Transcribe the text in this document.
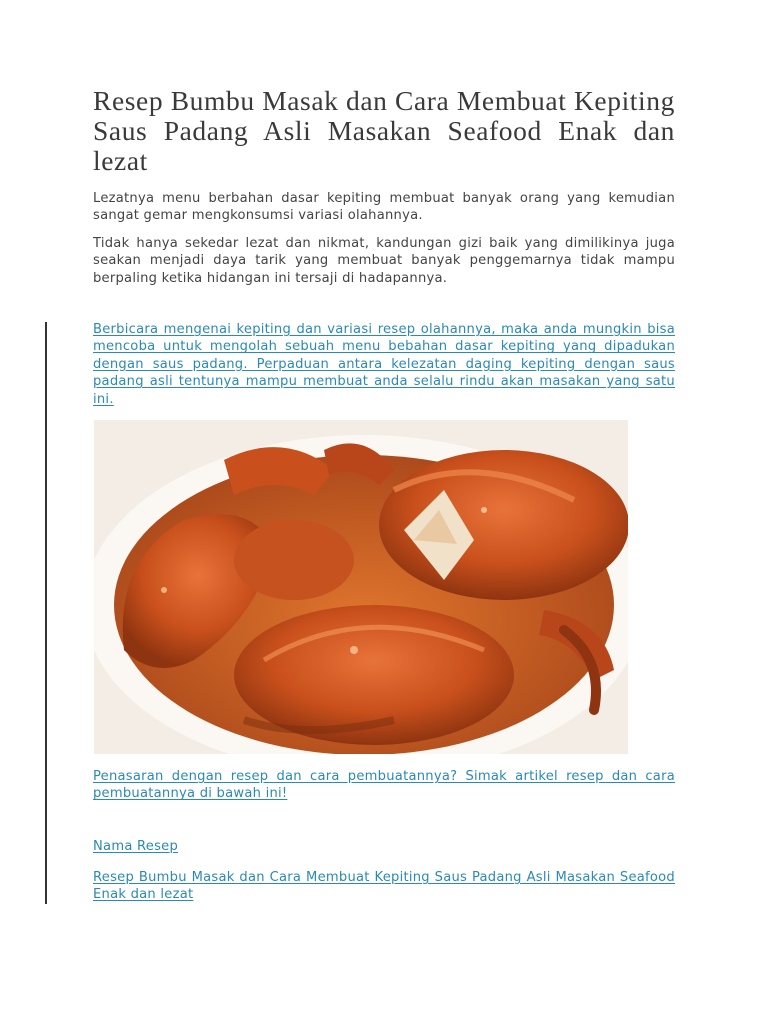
Resep Bumbu Masak dan Cara Membuat Kepiting Saus Padang Asli Masakan Seafood Enak dan lezat

Lezatnya menu berbahan dasar kepiting membuat banyak orang yang kemudian sangat gemar mengkonsumsi variasi olahannya.

Tidak hanya sekedar lezat dan nikmat, kandungan gizi baik yang dimilikinya juga seakan menjadi daya tarik yang membuat banyak penggemarnya tidak mampu berpaling ketika hidangan ini tersaji di hadapannya.

Berbicara mengenai kepiting dan variasi resep olahannya, maka anda mungkin bisa mencoba untuk mengolah sebuah menu bebahan dasar kepiting yang dipadukan dengan saus padang. Perpaduan antara kelezatan daging kepiting dengan saus padang asli tentunya mampu membuat anda selalu rindu akan masakan yang satu ini.

Penasaran dengan resep dan cara pembuatannya? Simak artikel resep dan cara pembuatannya di bawah ini!

Nama Resep

Resep Bumbu Masak dan Cara Membuat Kepiting Saus Padang Asli Masakan Seafood Enak dan lezat
